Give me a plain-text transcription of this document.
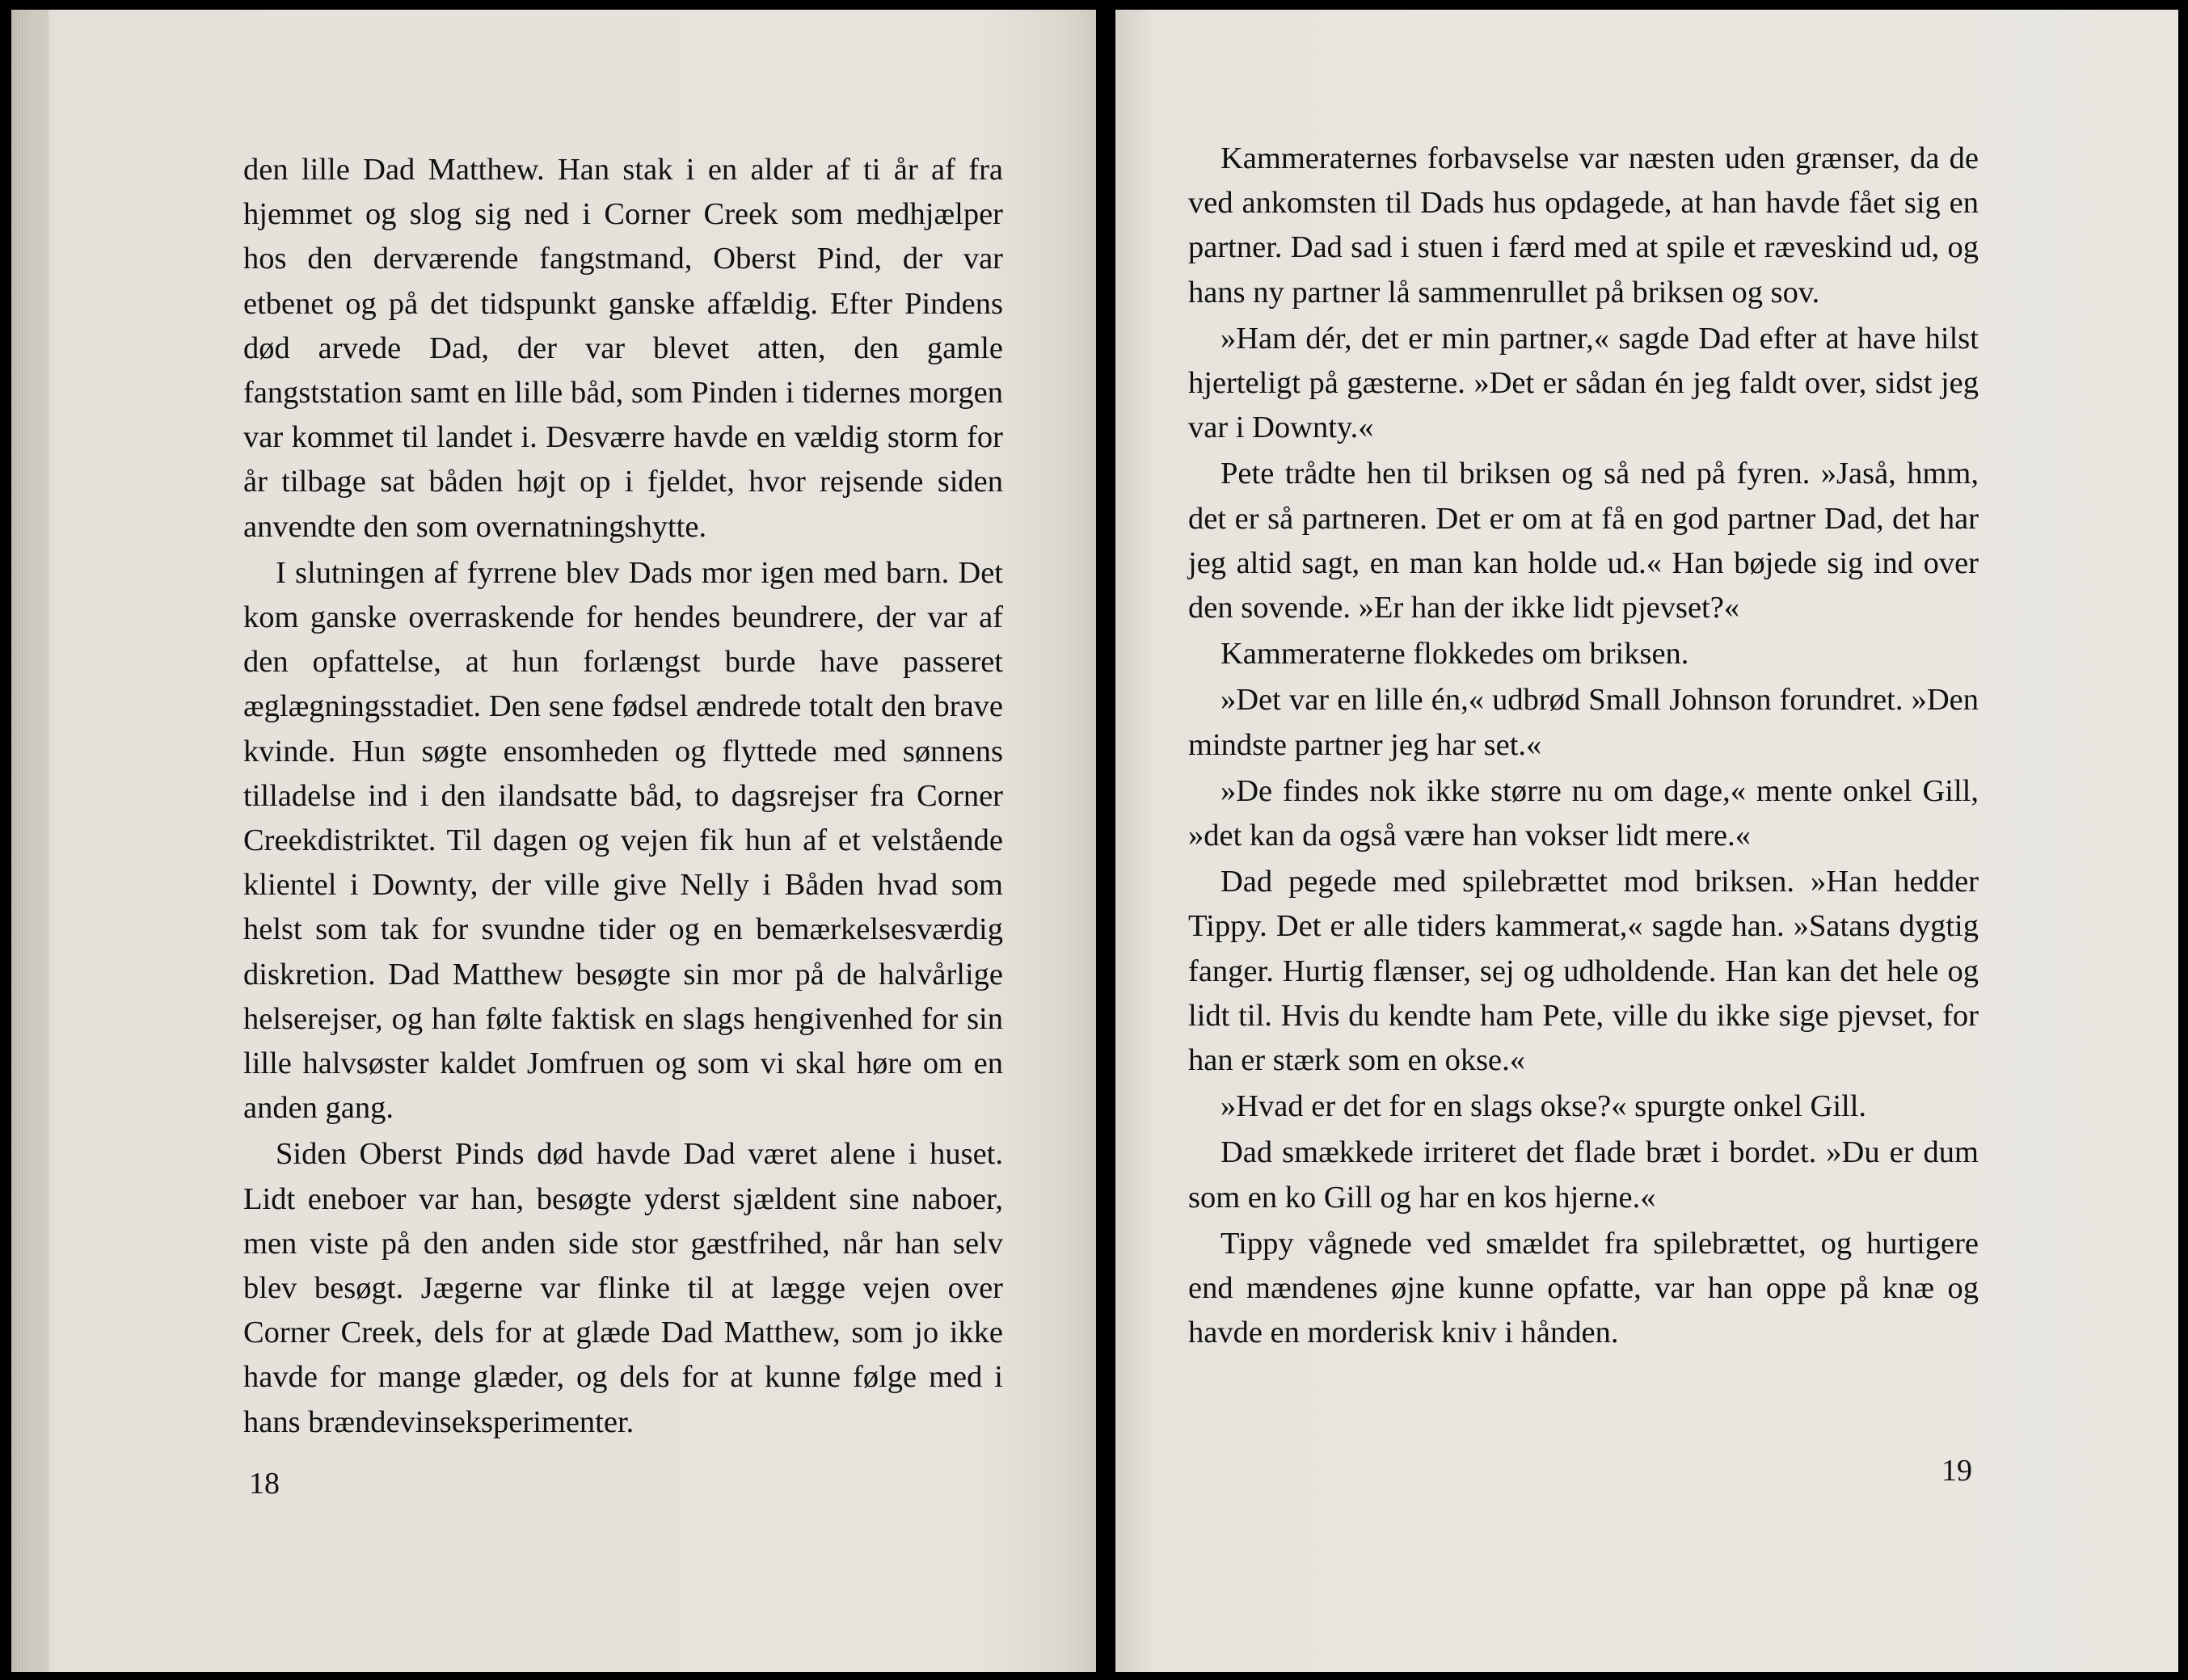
den lille Dad Matthew. Han stak i en alder af ti år af fra hjemmet og slog sig ned i Corner Creek som medhjælper hos den derværende fangstmand, Oberst Pind, der var etbenet og på det tidspunkt ganske affældig. Efter Pindens død arvede Dad, der var blevet atten, den gamle fangststation samt en lille båd, som Pinden i tidernes morgen var kommet til landet i. Desværre havde en vældig storm for år tilbage sat båden højt op i fjeldet, hvor rejsende siden anvendte den som overnatningshytte.

I slutningen af fyrrene blev Dads mor igen med barn. Det kom ganske overraskende for hendes beundrere, der var af den opfattelse, at hun forlængst burde have passeret æglægningsstadiet. Den sene fødsel ændrede totalt den brave kvinde. Hun søgte ensomheden og flyttede med sønnens tilladelse ind i den ilandsatte båd, to dagsrejser fra Corner Creekdistriktet. Til dagen og vejen fik hun af et velstående klientel i Downty, der ville give Nelly i Båden hvad som helst som tak for svundne tider og en bemærkelsesværdig diskretion. Dad Matthew besøgte sin mor på de halvårlige helserejser, og han følte faktisk en slags hengivenhed for sin lille halvsøster kaldet Jomfruen og som vi skal høre om en anden gang.

Siden Oberst Pinds død havde Dad været alene i huset. Lidt eneboer var han, besøgte yderst sjældent sine naboer, men viste på den anden side stor gæstfrihed, når han selv blev besøgt. Jægerne var flinke til at lægge vejen over Corner Creek, dels for at glæde Dad Matthew, som jo ikke havde for mange glæder, og dels for at kunne følge med i hans brændevinseksperimenter.

18

Kammeraternes forbavselse var næsten uden grænser, da de ved ankomsten til Dads hus opdagede, at han havde fået sig en partner. Dad sad i stuen i færd med at spile et ræveskind ud, og hans ny partner lå sammenrullet på briksen og sov.

»Ham dér, det er min partner,« sagde Dad efter at have hilst hjerteligt på gæsterne. »Det er sådan én jeg faldt over, sidst jeg var i Downty.«

Pete trådte hen til briksen og så ned på fyren. »Jaså, hmm, det er så partneren. Det er om at få en god partner Dad, det har jeg altid sagt, en man kan holde ud.« Han bøjede sig ind over den sovende. »Er han der ikke lidt pjevset?«

Kammeraterne flokkedes om briksen.

»Det var en lille én,« udbrød Small Johnson forundret. »Den mindste partner jeg har set.«

»De findes nok ikke større nu om dage,« mente onkel Gill, »det kan da også være han vokser lidt mere.«

Dad pegede med spilebrættet mod briksen. »Han hedder Tippy. Det er alle tiders kammerat,« sagde han. »Satans dygtig fanger. Hurtig flænser, sej og udholdende. Han kan det hele og lidt til. Hvis du kendte ham Pete, ville du ikke sige pjevset, for han er stærk som en okse.«

»Hvad er det for en slags okse?« spurgte onkel Gill.

Dad smækkede irriteret det flade bræt i bordet. »Du er dum som en ko Gill og har en kos hjerne.«

Tippy vågnede ved smældet fra spilebrættet, og hurtigere end mændenes øjne kunne opfatte, var han oppe på knæ og havde en morderisk kniv i hånden.

19
